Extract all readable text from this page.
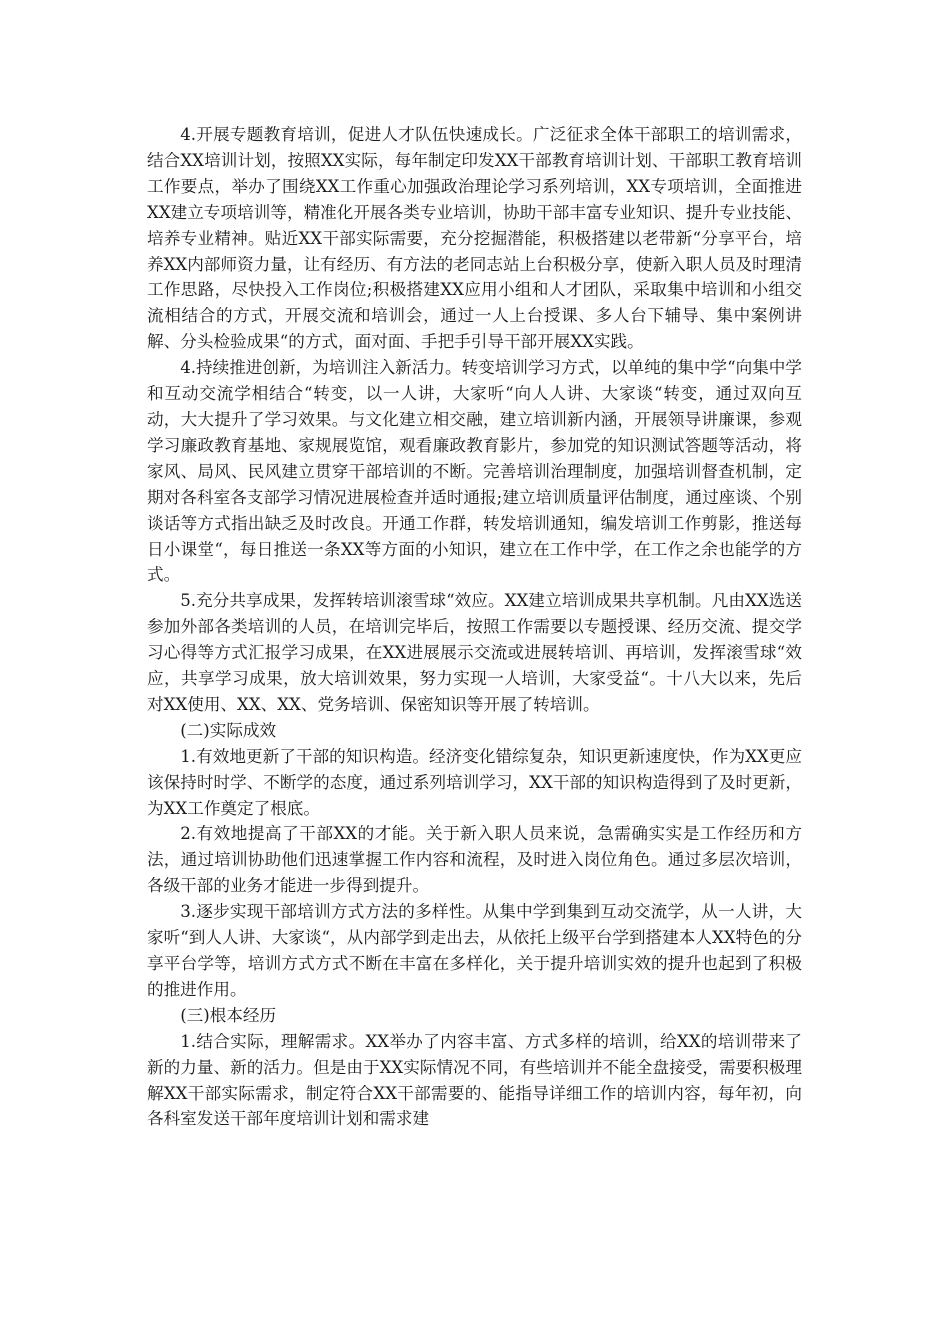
4.开展专题教育培训，促进人才队伍快速成长。广泛征求全体干部职工的培训需求，结合XX培训计划，按照XX实际，每年制定印发XX干部教育培训计划、干部职工教育培训工作要点，举办了围绕XX工作重心加强政治理论学习系列培训，XX专项培训，全面推进XX建立专项培训等，精准化开展各类专业培训，协助干部丰富专业知识、提升专业技能、培养专业精神。贴近XX干部实际需要，充分挖掘潜能，积极搭建以老带新“分享平台，培养XX内部师资力量，让有经历、有方法的老同志站上台积极分享，使新入职人员及时理清工作思路，尽快投入工作岗位;积极搭建XX应用小组和人才团队，采取集中培训和小组交流相结合的方式，开展交流和培训会，通过一人上台授课、多人台下辅导、集中案例讲解、分头检验成果“的方式，面对面、手把手引导干部开展XX实践。

4.持续推进创新，为培训注入新活力。转变培训学习方式，以单纯的集中学“向集中学和互动交流学相结合“转变，以一人讲，大家听“向人人讲、大家谈“转变，通过双向互动，大大提升了学习效果。与文化建立相交融，建立培训新内涵，开展领导讲廉课，参观学习廉政教育基地、家规展览馆，观看廉政教育影片，参加党的知识测试答题等活动，将家风、局风、民风建立贯穿干部培训的不断。完善培训治理制度，加强培训督查机制，定期对各科室各支部学习情况进展检查并适时通报;建立培训质量评估制度，通过座谈、个别谈话等方式指出缺乏及时改良。开通工作群，转发培训通知，编发培训工作剪影，推送每日小课堂“，每日推送一条XX等方面的小知识，建立在工作中学，在工作之余也能学的方式。

5.充分共享成果，发挥转培训滚雪球“效应。XX建立培训成果共享机制。凡由XX选送参加外部各类培训的人员，在培训完毕后，按照工作需要以专题授课、经历交流、提交学习心得等方式汇报学习成果，在XX进展展示交流或进展转培训、再培训，发挥滚雪球“效应，共享学习成果，放大培训效果，努力实现一人培训，大家受益“。十八大以来，先后对XX使用、XX、XX、党务培训、保密知识等开展了转培训。

(二)实际成效

1.有效地更新了干部的知识构造。经济变化错综复杂，知识更新速度快，作为XX更应该保持时时学、不断学的态度，通过系列培训学习，XX干部的知识构造得到了及时更新，为XX工作奠定了根底。

2.有效地提高了干部XX的才能。关于新入职人员来说，急需确实实是工作经历和方法，通过培训协助他们迅速掌握工作内容和流程，及时进入岗位角色。通过多层次培训，各级干部的业务才能进一步得到提升。

3.逐步实现干部培训方式方法的多样性。从集中学到集到互动交流学，从一人讲，大家听“到人人讲、大家谈“，从内部学到走出去，从依托上级平台学到搭建本人XX特色的分享平台学等，培训方式方式不断在丰富在多样化，关于提升培训实效的提升也起到了积极的推进作用。

(三)根本经历

1.结合实际，理解需求。XX举办了内容丰富、方式多样的培训，给XX的培训带来了新的力量、新的活力。但是由于XX实际情况不同，有些培训并不能全盘接受，需要积极理解XX干部实际需求，制定符合XX干部需要的、能指导详细工作的培训内容，每年初，向各科室发送干部年度培训计划和需求建
